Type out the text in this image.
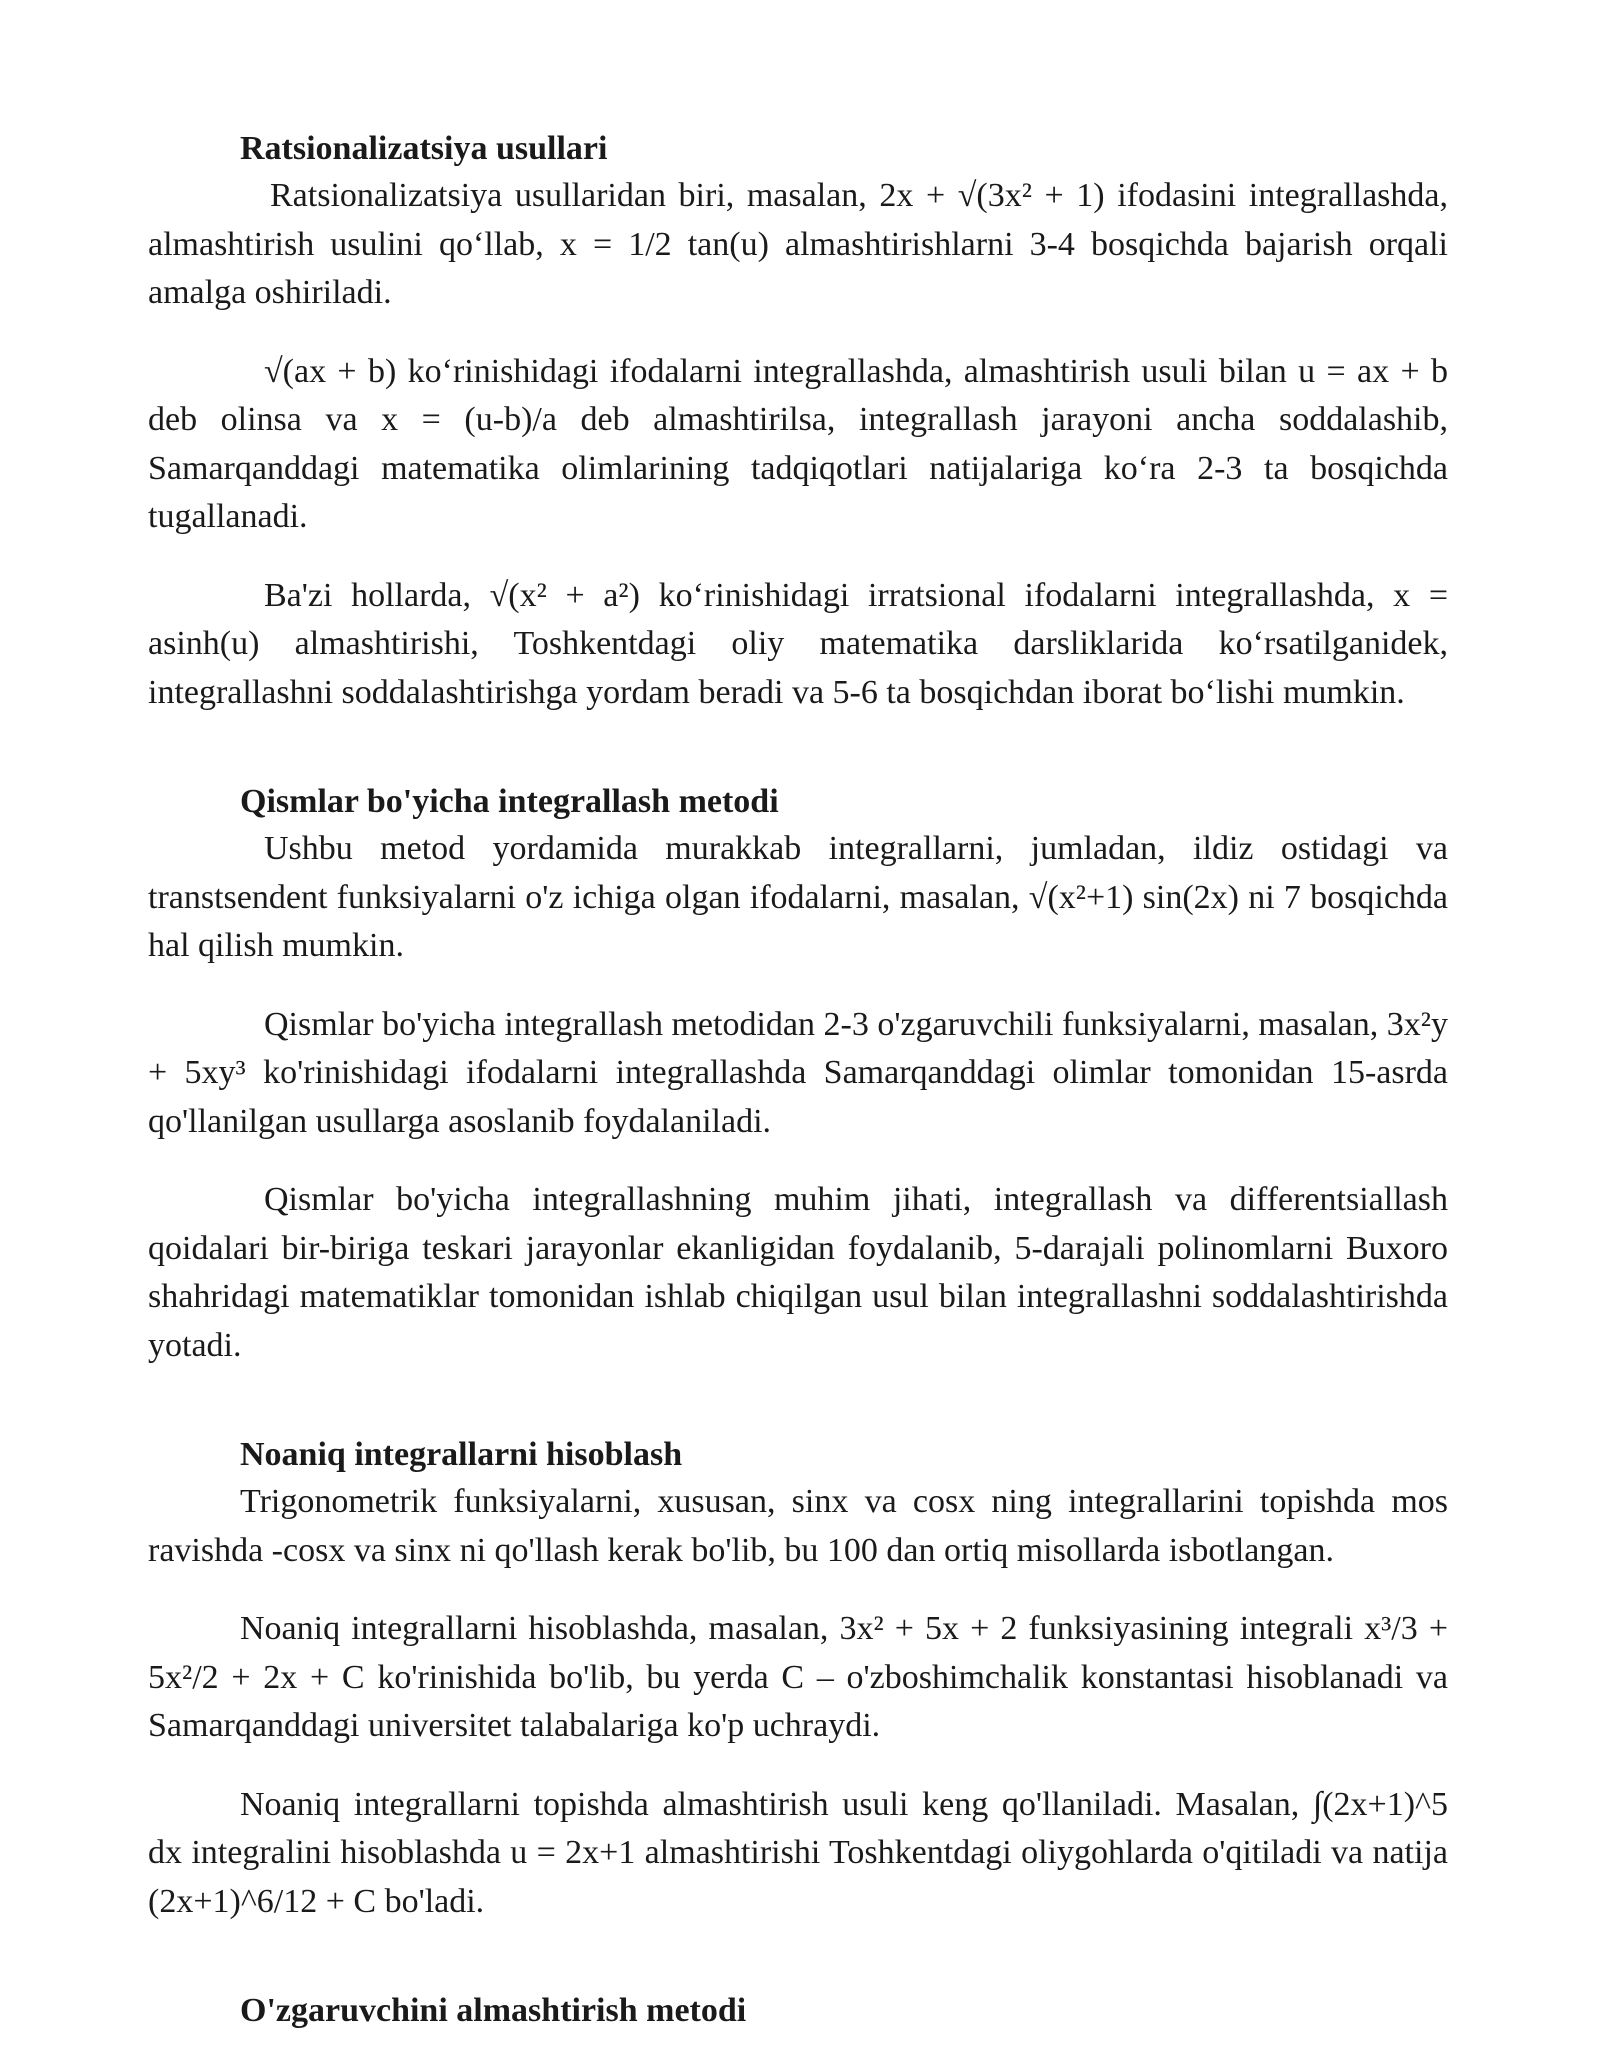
Ratsionalizatsiya usullari

Ratsionalizatsiya usullaridan biri, masalan, 2x + √(3x² + 1) ifodasini integrallashda, almashtirish usulini qo‘llab, x = 1/2 tan(u) almashtirishlarni 3-4 bosqichda bajarish orqali amalga oshiriladi.

√(ax + b) ko‘rinishidagi ifodalarni integrallashda, almashtirish usuli bilan u = ax + b deb olinsa va x = (u-b)/a deb almashtirilsa, integrallash jarayoni ancha soddalashib, Samarqanddagi matematika olimlarining tadqiqotlari natijalariga ko‘ra 2-3 ta bosqichda tugallanadi.

Ba'zi hollarda, √(x² + a²) ko‘rinishidagi irratsional ifodalarni integrallashda, x = asinh(u) almashtirishi, Toshkentdagi oliy matematika darsliklarida ko‘rsatilganidek, integrallashni soddalashtirishga yordam beradi va 5-6 ta bosqichdan iborat bo‘lishi mumkin.

Qismlar bo'yicha integrallash metodi

Ushbu metod yordamida murakkab integrallarni, jumladan, ildiz ostidagi va transtsendent funksiyalarni o'z ichiga olgan ifodalarni, masalan, √(x²+1) sin(2x) ni 7 bosqichda hal qilish mumkin.

Qismlar bo'yicha integrallash metodidan 2-3 o'zgaruvchili funksiyalarni, masalan, 3x²y + 5xy³ ko'rinishidagi ifodalarni integrallashda Samarqanddagi olimlar tomonidan 15-asrda qo'llanilgan usullarga asoslanib foydalaniladi.

Qismlar bo'yicha integrallashning muhim jihati, integrallash va differentsiallash qoidalari bir-biriga teskari jarayonlar ekanligidan foydalanib, 5-darajali polinomlarni Buxoro shahridagi matematiklar tomonidan ishlab chiqilgan usul bilan integrallashni soddalashtirishda yotadi.

Noaniq integrallarni hisoblash

Trigonometrik funksiyalarni, xususan, sinx va cosx ning integrallarini topishda mos ravishda -cosx va sinx ni qo'llash kerak bo'lib, bu 100 dan ortiq misollarda isbotlangan.

Noaniq integrallarni hisoblashda, masalan, 3x² + 5x + 2 funksiyasining integrali x³/3 + 5x²/2 + 2x + C ko'rinishida bo'lib, bu yerda C – o'zboshimchalik konstantasi hisoblanadi va Samarqanddagi universitet talabalariga ko'p uchraydi.

Noaniq integrallarni topishda almashtirish usuli keng qo'llaniladi. Masalan, ∫(2x+1)^5 dx integralini hisoblashda u = 2x+1 almashtirishi Toshkentdagi oliygohlarda o'qitiladi va natija (2x+1)^6/12 + C bo'ladi.

O'zgaruvchini almashtirish metodi
